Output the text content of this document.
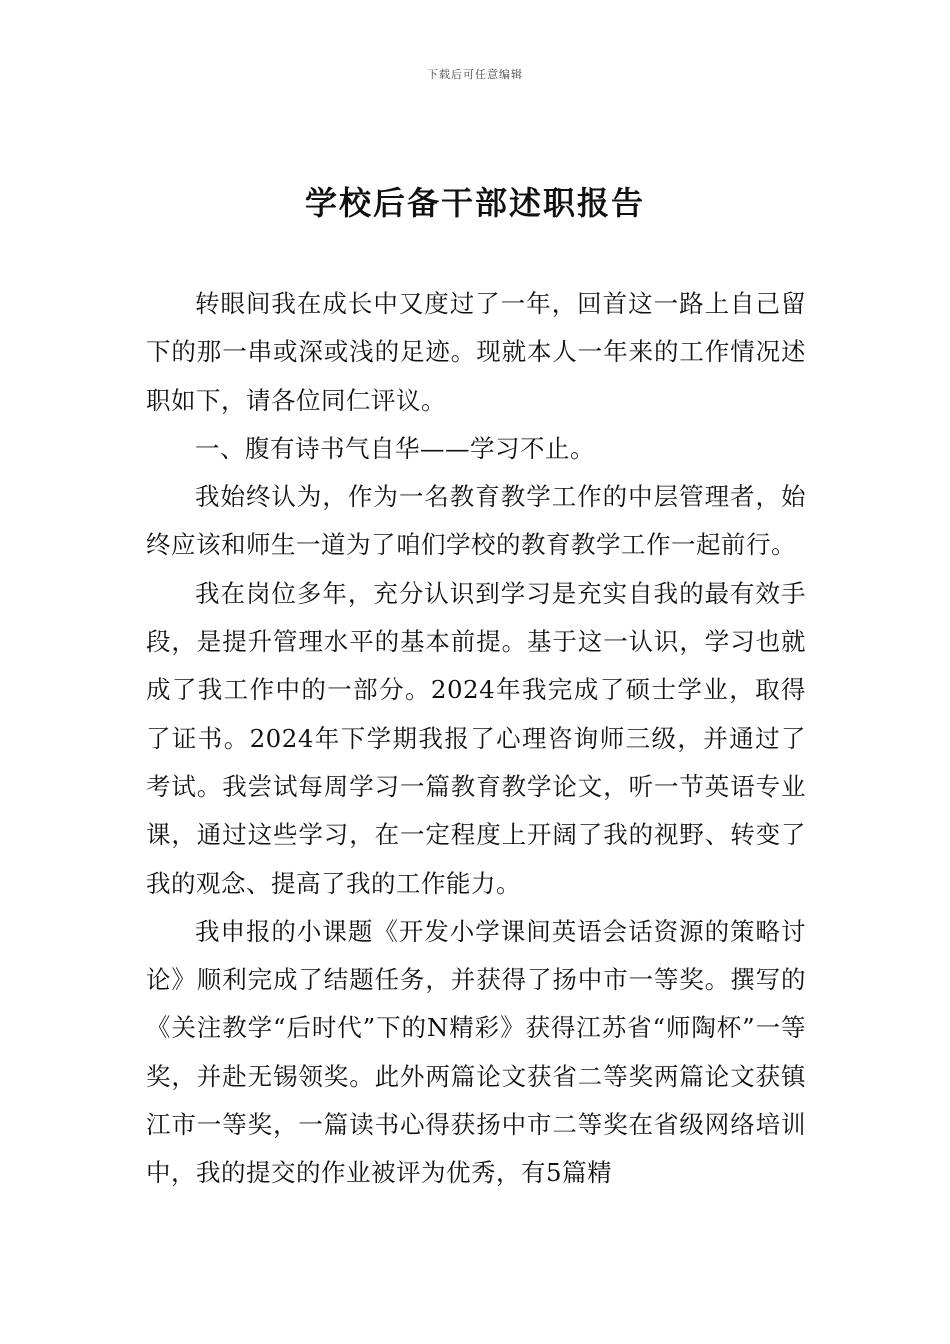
下载后可任意编辑
学校后备干部述职报告

转眼间我在成长中又度过了一年，回首这一路上自己留下的那一串或深或浅的足迹。现就本人一年来的工作情况述职如下，请各位同仁评议。

一、腹有诗书气自华——学习不止。

我始终认为，作为一名教育教学工作的中层管理者，始终应该和师生一道为了咱们学校的教育教学工作一起前行。

我在岗位多年，充分认识到学习是充实自我的最有效手段，是提升管理水平的基本前提。基于这一认识，学习也就成了我工作中的一部分。2024年我完成了硕士学业，取得了证书。2024年下学期我报了心理咨询师三级，并通过了考试。我尝试每周学习一篇教育教学论文，听一节英语专业课，通过这些学习，在一定程度上开阔了我的视野、转变了我的观念、提高了我的工作能力。

我申报的小课题《开发小学课间英语会话资源的策略讨论》顺利完成了结题任务，并获得了扬中市一等奖。撰写的《关注教学“后时代”下的N精彩》获得江苏省“师陶杯”一等奖，并赴无锡领奖。此外两篇论文获省二等奖两篇论文获镇江市一等奖，一篇读书心得获扬中市二等奖在省级网络培训中，我的提交的作业被评为优秀，有5篇精
